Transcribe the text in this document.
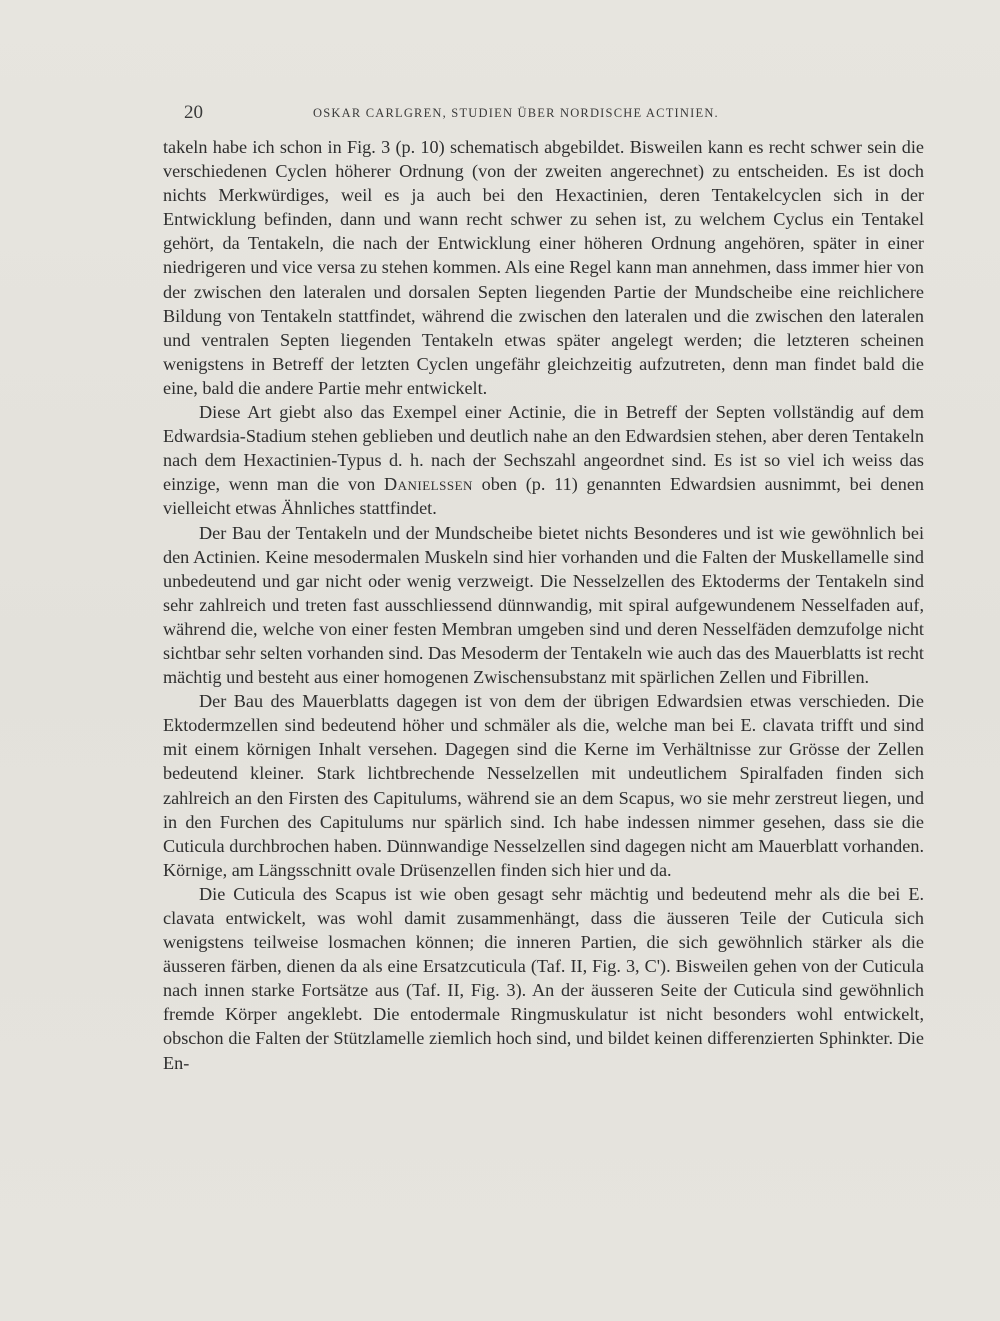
20	OSKAR CARLGREN, STUDIEN ÜBER NORDISCHE ACTINIEN.

takeln habe ich schon in Fig. 3 (p. 10) schematisch abgebildet. Bisweilen kann es recht schwer sein die verschiedenen Cyclen höherer Ordnung (von der zweiten angerechnet) zu entscheiden. Es ist doch nichts Merkwürdiges, weil es ja auch bei den Hexactinien, deren Tentakelcyclen sich in der Entwicklung befinden, dann und wann recht schwer zu sehen ist, zu welchem Cyclus ein Tentakel gehört, da Tentakeln, die nach der Entwicklung einer höheren Ordnung angehören, später in einer niedrigeren und vice versa zu stehen kommen. Als eine Regel kann man annehmen, dass immer hier von der zwischen den lateralen und dorsalen Septen liegenden Partie der Mundscheibe eine reichlichere Bildung von Tentakeln stattfindet, während die zwischen den lateralen und die zwischen den lateralen und ventralen Septen liegenden Tentakeln etwas später angelegt werden; die letzteren scheinen wenigstens in Betreff der letzten Cyclen ungefähr gleichzeitig aufzutreten, denn man findet bald die eine, bald die andere Partie mehr entwickelt.

Diese Art giebt also das Exempel einer Actinie, die in Betreff der Septen vollständig auf dem Edwardsia-Stadium stehen geblieben und deutlich nahe an den Edwardsien stehen, aber deren Tentakeln nach dem Hexactinien-Typus d. h. nach der Sechszahl angeordnet sind. Es ist so viel ich weiss das einzige, wenn man die von Danielssen oben (p. 11) genannten Edwardsien ausnimmt, bei denen vielleicht etwas Ähnliches stattfindet.

Der Bau der Tentakeln und der Mundscheibe bietet nichts Besonderes und ist wie gewöhnlich bei den Actinien. Keine mesodermalen Muskeln sind hier vorhanden und die Falten der Muskellamelle sind unbedeutend und gar nicht oder wenig verzweigt. Die Nesselzellen des Ektoderms der Tentakeln sind sehr zahlreich und treten fast ausschliessend dünnwandig, mit spiral aufgewundenem Nesselfaden auf, während die, welche von einer festen Membran umgeben sind und deren Nesselfäden demzufolge nicht sichtbar sehr selten vorhanden sind. Das Mesoderm der Tentakeln wie auch das des Mauerblatts ist recht mächtig und besteht aus einer homogenen Zwischensubstanz mit spärlichen Zellen und Fibrillen.

Der Bau des Mauerblatts dagegen ist von dem der übrigen Edwardsien etwas verschieden. Die Ektodermzellen sind bedeutend höher und schmäler als die, welche man bei E. clavata trifft und sind mit einem körnigen Inhalt versehen. Dagegen sind die Kerne im Verhältnisse zur Grösse der Zellen bedeutend kleiner. Stark lichtbrechende Nesselzellen mit undeutlichem Spiralfaden finden sich zahlreich an den Firsten des Capitulums, während sie an dem Scapus, wo sie mehr zerstreut liegen, und in den Furchen des Capitulums nur spärlich sind. Ich habe indessen nimmer gesehen, dass sie die Cuticula durchbrochen haben. Dünnwandige Nesselzellen sind dagegen nicht am Mauerblatt vorhanden. Körnige, am Längsschnitt ovale Drüsenzellen finden sich hier und da.

Die Cuticula des Scapus ist wie oben gesagt sehr mächtig und bedeutend mehr als die bei E. clavata entwickelt, was wohl damit zusammenhängt, dass die äusseren Teile der Cuticula sich wenigstens teilweise losmachen können; die inneren Partien, die sich gewöhnlich stärker als die äusseren färben, dienen da als eine Ersatzcuticula (Taf. II, Fig. 3, C'). Bisweilen gehen von der Cuticula nach innen starke Fortsätze aus (Taf. II, Fig. 3). An der äusseren Seite der Cuticula sind gewöhnlich fremde Körper angeklebt. Die entodermale Ringmuskulatur ist nicht besonders wohl entwickelt, obschon die Falten der Stützlamelle ziemlich hoch sind, und bildet keinen differenzierten Sphinkter. Die En-
